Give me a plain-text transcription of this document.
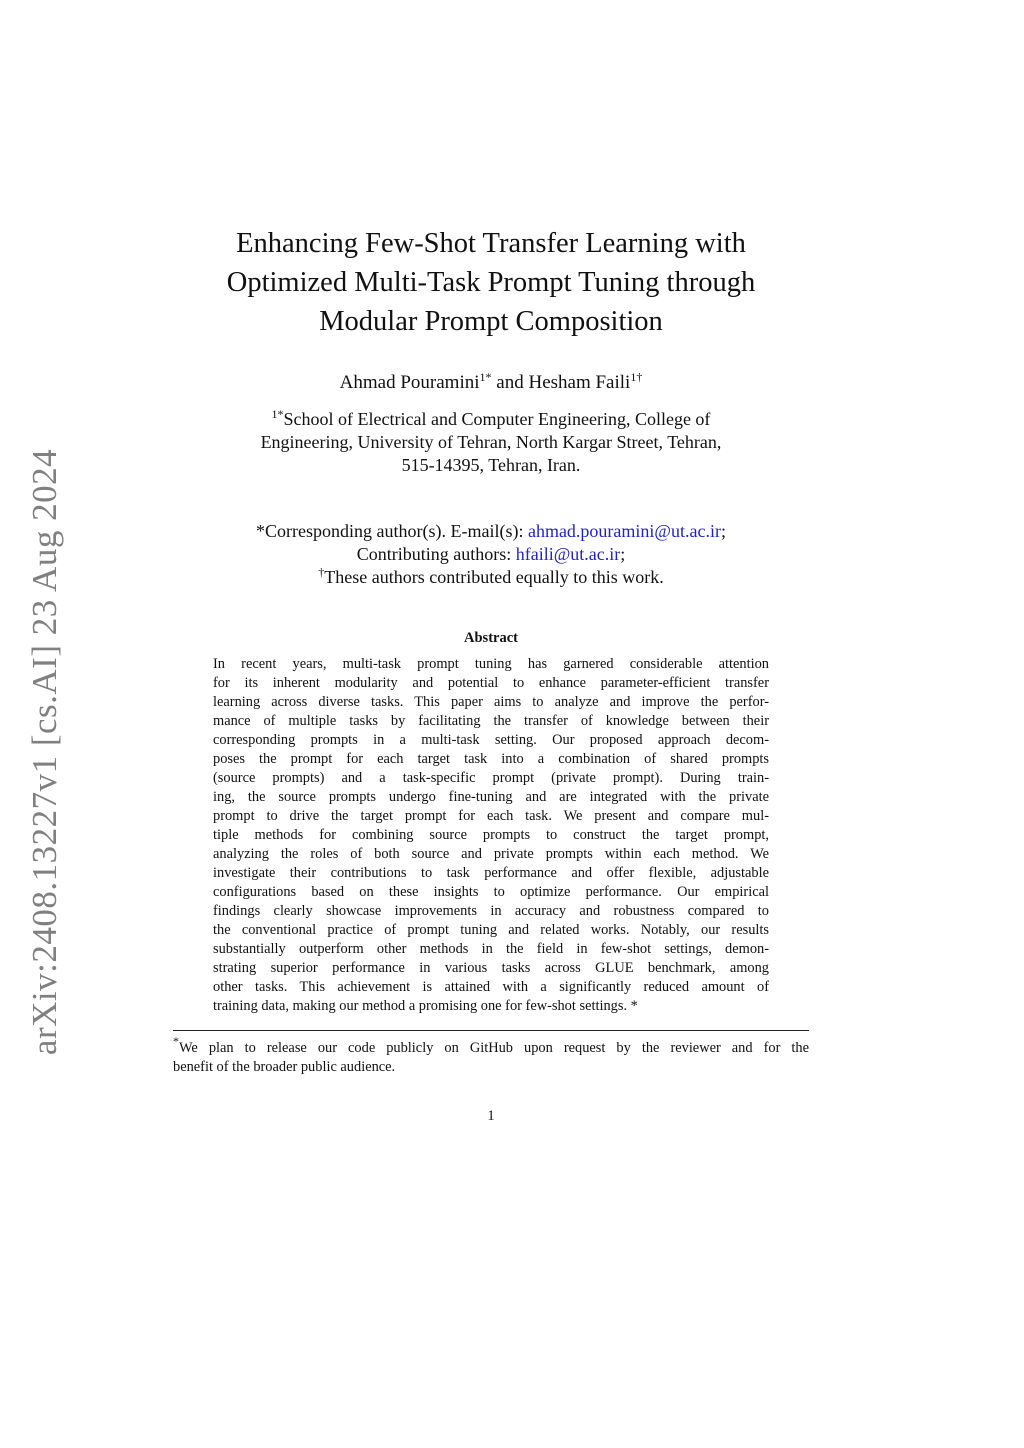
arXiv:2408.13227v1 [cs.AI] 23 Aug 2024
Enhancing Few-Shot Transfer Learning with
Optimized Multi-Task Prompt Tuning through
Modular Prompt Composition
Ahmad Pouramini$^{1*}$ and Hesham Faili$^{1\dagger}$
$^{1*}$School of Electrical and Computer Engineering, College of
Engineering, University of Tehran, North Kargar Street, Tehran,
515-14395, Tehran, Iran.
*Corresponding author(s). E-mail(s): ahmad.pouramini@ut.ac.ir;
Contributing authors: hfaili@ut.ac.ir;
†These authors contributed equally to this work.
Abstract
In recent years, multi-task prompt tuning has garnered considerable attention
for its inherent modularity and potential to enhance parameter-efficient transfer
learning across diverse tasks. This paper aims to analyze and improve the perfor-
mance of multiple tasks by facilitating the transfer of knowledge between their
corresponding prompts in a multi-task setting. Our proposed approach decom-
poses the prompt for each target task into a combination of shared prompts
(source prompts) and a task-specific prompt (private prompt). During train-
ing, the source prompts undergo fine-tuning and are integrated with the private
prompt to drive the target prompt for each task. We present and compare mul-
tiple methods for combining source prompts to construct the target prompt,
analyzing the roles of both source and private prompts within each method. We
investigate their contributions to task performance and offer flexible, adjustable
configurations based on these insights to optimize performance. Our empirical
findings clearly showcase improvements in accuracy and robustness compared to
the conventional practice of prompt tuning and related works. Notably, our results
substantially outperform other methods in the field in few-shot settings, demon-
strating superior performance in various tasks across GLUE benchmark, among
other tasks. This achievement is attained with a significantly reduced amount of
training data, making our method a promising one for few-shot settings. *
*We plan to release our code publicly on GitHub upon request by the reviewer and for the
benefit of the broader public audience.
1
